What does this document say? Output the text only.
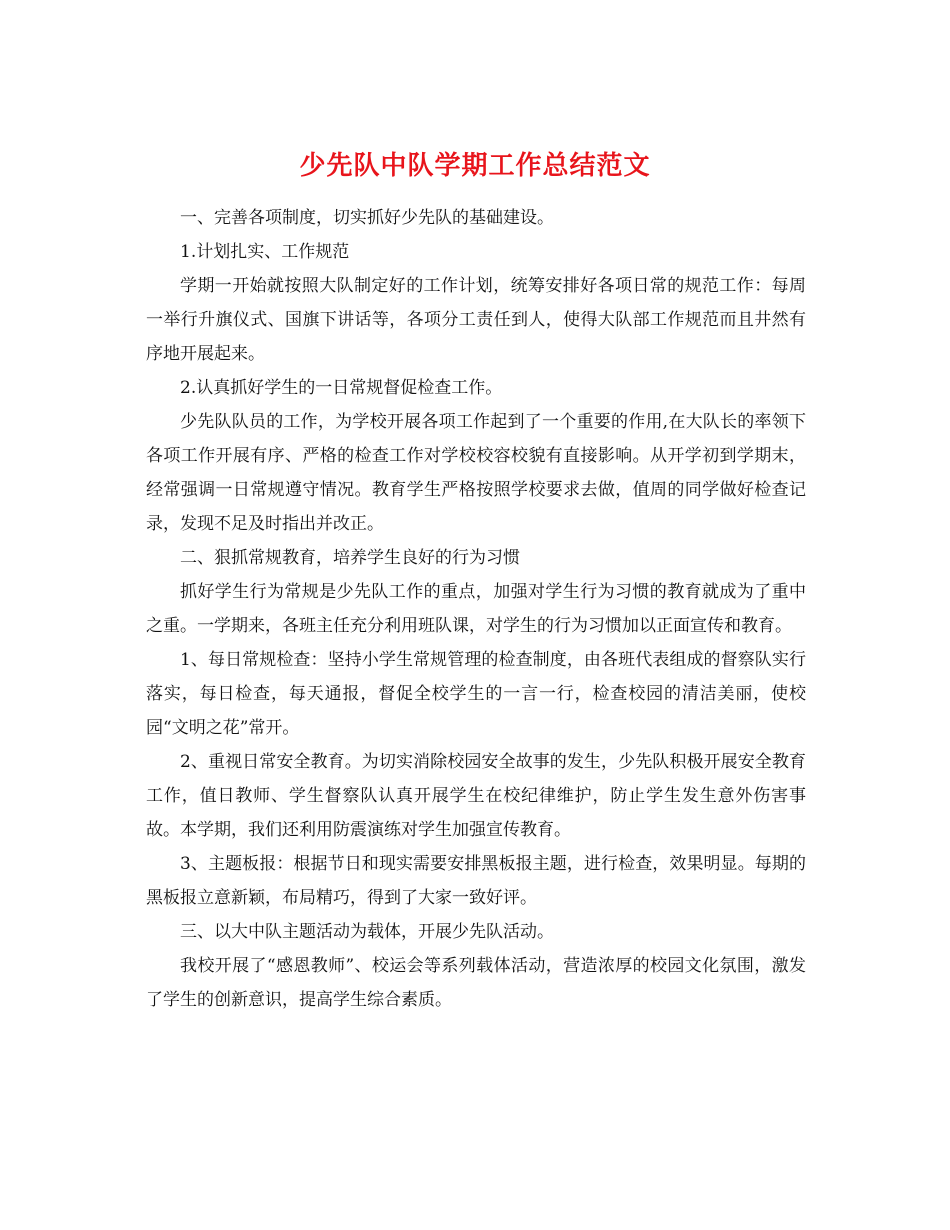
少先队中队学期工作总结范文

一、完善各项制度，切实抓好少先队的基础建设。

1.计划扎实、工作规范

学期一开始就按照大队制定好的工作计划，统筹安排好各项日常的规范工作：每周一举行升旗仪式、国旗下讲话等，各项分工责任到人，使得大队部工作规范而且井然有序地开展起来。

2.认真抓好学生的一日常规督促检查工作。

少先队队员的工作，为学校开展各项工作起到了一个重要的作用,在大队长的率领下各项工作开展有序、严格的检查工作对学校校容校貌有直接影响。从开学初到学期末，经常强调一日常规遵守情况。教育学生严格按照学校要求去做，值周的同学做好检查记录，发现不足及时指出并改正。

二、狠抓常规教育，培养学生良好的行为习惯

抓好学生行为常规是少先队工作的重点，加强对学生行为习惯的教育就成为了重中之重。一学期来，各班主任充分利用班队课，对学生的行为习惯加以正面宣传和教育。

1、每日常规检查：坚持小学生常规管理的检查制度，由各班代表组成的督察队实行落实，每日检查，每天通报，督促全校学生的一言一行，检查校园的清洁美丽，使校园“文明之花”常开。

2、重视日常安全教育。为切实消除校园安全故事的发生，少先队积极开展安全教育工作，值日教师、学生督察队认真开展学生在校纪律维护，防止学生发生意外伤害事故。本学期，我们还利用防震演练对学生加强宣传教育。

3、主题板报：根据节日和现实需要安排黑板报主题，进行检查，效果明显。每期的黑板报立意新颖，布局精巧，得到了大家一致好评。

三、以大中队主题活动为载体，开展少先队活动。

我校开展了“感恩教师”、校运会等系列载体活动，营造浓厚的校园文化氛围，激发了学生的创新意识，提高学生综合素质。
